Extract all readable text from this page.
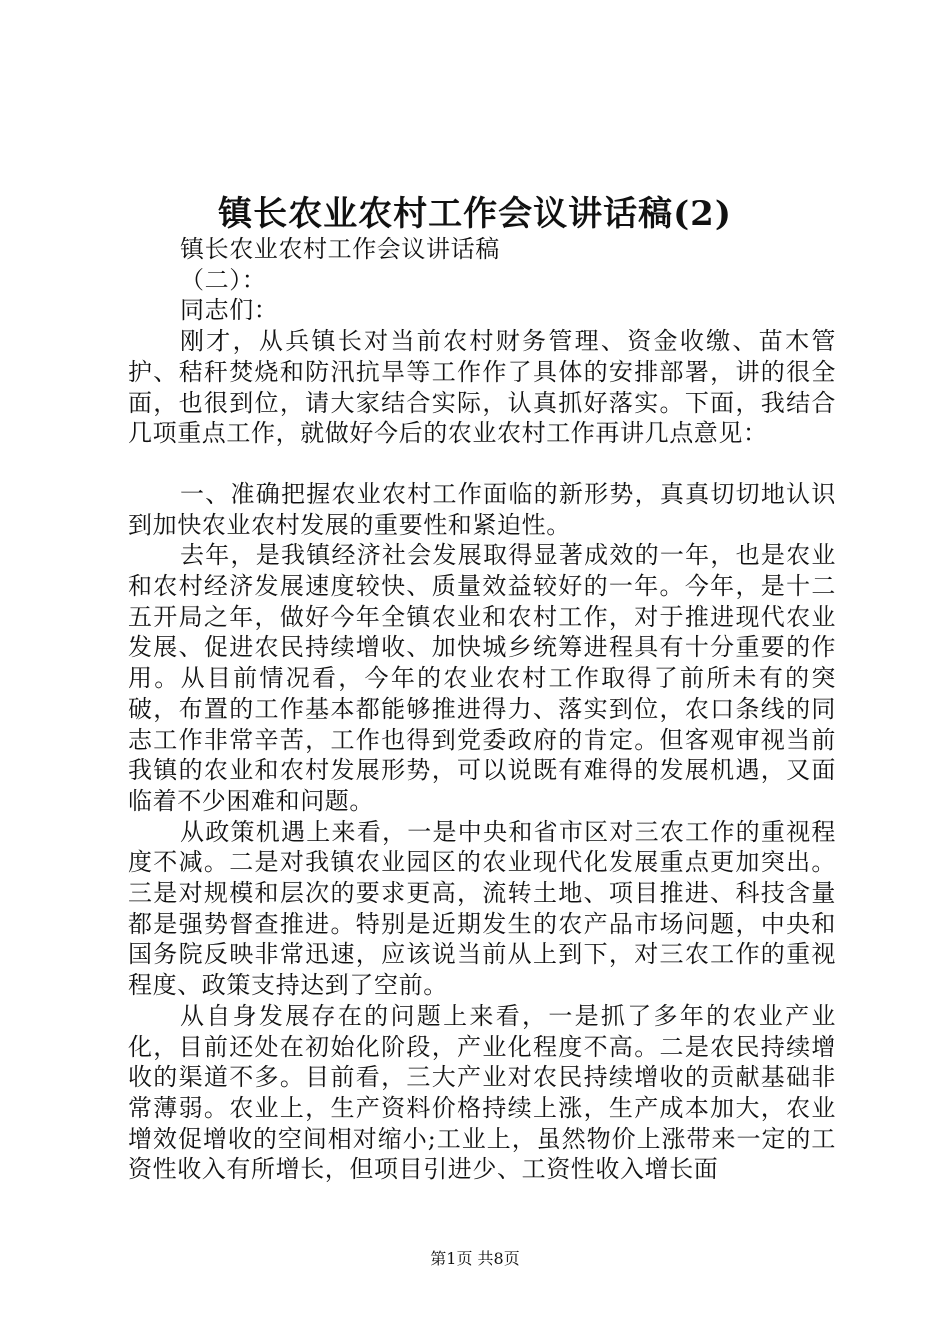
镇长农业农村工作会议讲话稿(2)

镇长农业农村工作会议讲话稿

（二）：

同志们：

刚才，从兵镇长对当前农村财务管理、资金收缴、苗木管护、秸秆焚烧和防汛抗旱等工作作了具体的安排部署，讲的很全面，也很到位，请大家结合实际，认真抓好落实。下面，我结合几项重点工作，就做好今后的农业农村工作再讲几点意见：

一、准确把握农业农村工作面临的新形势，真真切切地认识到加快农业农村发展的重要性和紧迫性。

去年，是我镇经济社会发展取得显著成效的一年，也是农业和农村经济发展速度较快、质量效益较好的一年。今年，是十二五开局之年，做好今年全镇农业和农村工作，对于推进现代农业发展、促进农民持续增收、加快城乡统筹进程具有十分重要的作用。从目前情况看，今年的农业农村工作取得了前所未有的突破，布置的工作基本都能够推进得力、落实到位，农口条线的同志工作非常辛苦，工作也得到党委政府的肯定。但客观审视当前我镇的农业和农村发展形势，可以说既有难得的发展机遇，又面临着不少困难和问题。

从政策机遇上来看，一是中央和省市区对三农工作的重视程度不减。二是对我镇农业园区的农业现代化发展重点更加突出。三是对规模和层次的要求更高，流转土地、项目推进、科技含量都是强势督查推进。特别是近期发生的农产品市场问题，中央和国务院反映非常迅速，应该说当前从上到下，对三农工作的重视程度、政策支持达到了空前。

从自身发展存在的问题上来看，一是抓了多年的农业产业化，目前还处在初始化阶段，产业化程度不高。二是农民持续增收的渠道不多。目前看，三大产业对农民持续增收的贡献基础非常薄弱。农业上，生产资料价格持续上涨，生产成本加大，农业增效促增收的空间相对缩小;工业上，虽然物价上涨带来一定的工资性收入有所增长，但项目引进少、工资性收入增长面

第1页 共8页
